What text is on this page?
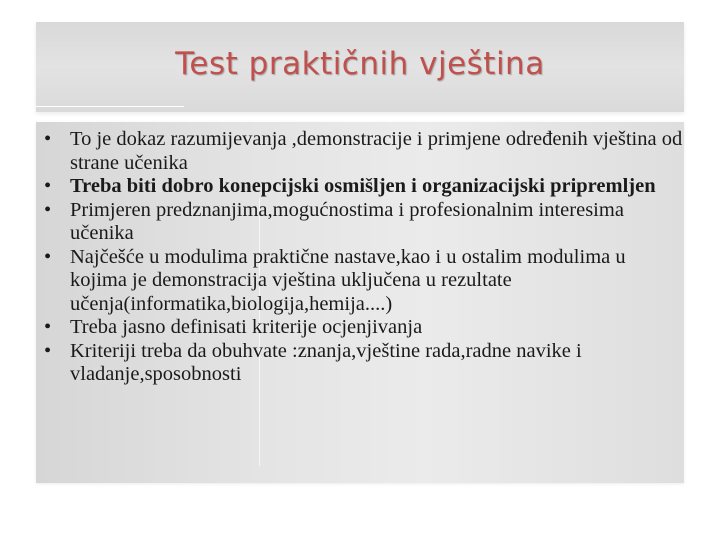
Test praktičnih vještina
• To je dokaz razumijevanja ,demonstracije i primjene određenih vještina od strane učenika
• Treba biti dobro konepcijski osmišljen i organizacijski pripremljen
• Primjeren predznanjima,mogućnostima i profesionalnim interesima učenika
• Najčešće u modulima praktične nastave,kao i u ostalim modulima u kojima je demonstracija vještina uključena u rezultate učenja(informatika,biologija,hemija....)
• Treba jasno definisati kriterije ocjenjivanja
• Kriteriji treba da obuhvate :znanja,vještine rada,radne navike i vladanje,sposobnosti
